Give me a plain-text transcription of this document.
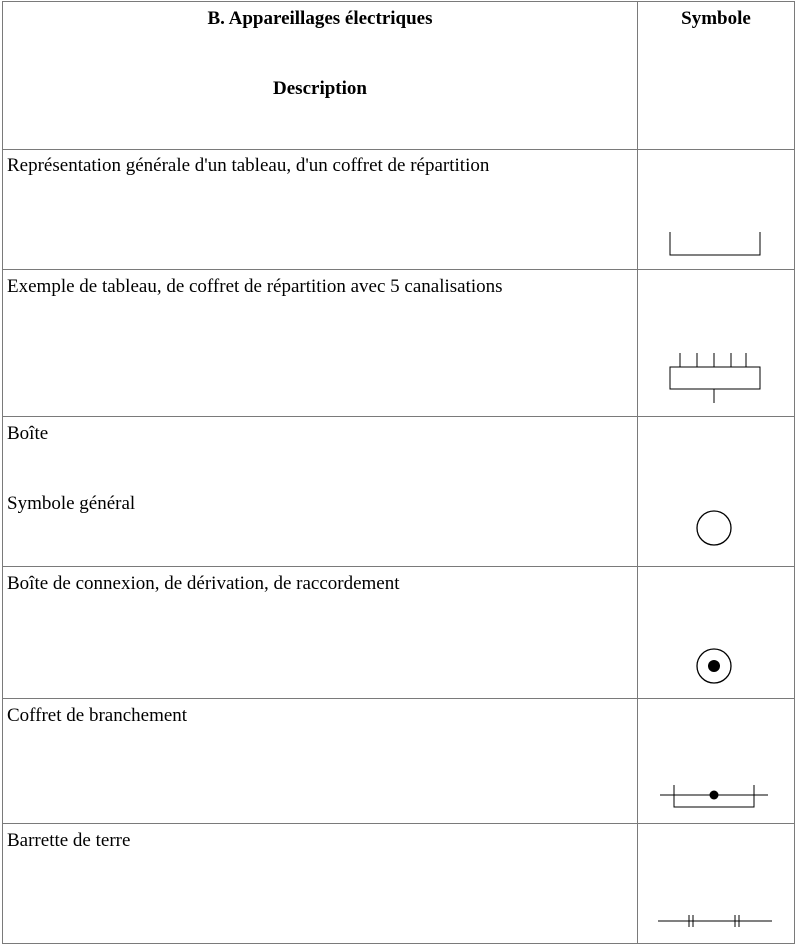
B. Appareillages électriques
Description	Symbole

Représentation générale d'un tableau, d'un coffret de répartition

Exemple de tableau, de coffret de répartition avec 5 canalisations

Boîte
Symbole général

Boîte de connexion, de dérivation, de raccordement

Coffret de branchement

Barrette de terre
